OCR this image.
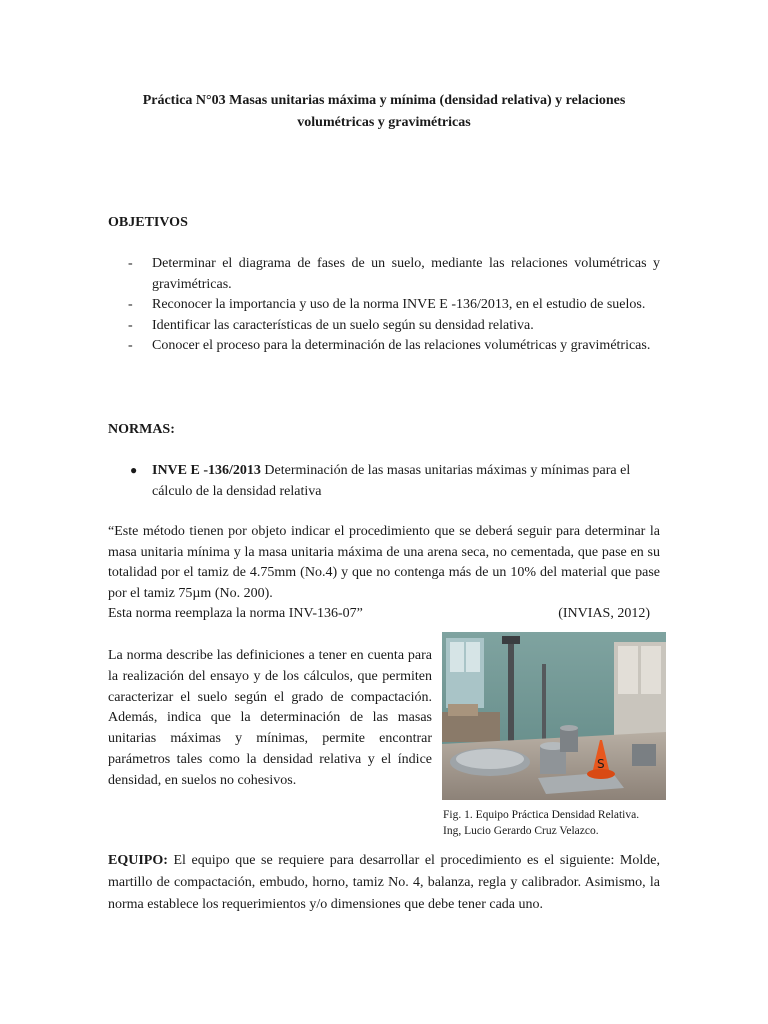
Práctica N°03 Masas unitarias máxima y mínima (densidad relativa) y relaciones volumétricas y gravimétricas
OBJETIVOS
- Determinar el diagrama de fases de un suelo, mediante las relaciones volumétricas y gravimétricas.
- Reconocer la importancia y uso de la norma INVE E -136/2013, en el estudio de suelos.
- Identificar las características de un suelo según su densidad relativa.
- Conocer el proceso para la determinación de las relaciones volumétricas y gravimétricas.
NORMAS:
● INVE E -136/2013 Determinación de las masas unitarias máximas y mínimas para el cálculo de la densidad relativa
“Este método tienen por objeto indicar el procedimiento que se deberá seguir para determinar la masa unitaria mínima y la masa unitaria máxima de una arena seca, no cementada, que pase en su totalidad por el tamiz de 4.75mm (No.4) y que no contenga más de un 10% del material que pase por el tamiz 75µm (No. 200).
Esta norma reemplaza la norma INV-136-07”	(INVIAS, 2012)

La norma describe las definiciones a tener en cuenta para la realización del ensayo y de los cálculos, que permiten caracterizar el suelo según el grado de compactación. Además, indica que la determinación de las masas unitarias máximas y mínimas, permite encontrar parámetros tales como la densidad relativa y el índice densidad, en suelos no cohesivos.

S
Fig. 1. Equipo Práctica Densidad Relativa.
Ing, Lucio Gerardo Cruz Velazco.

EQUIPO: El equipo que se requiere para desarrollar el procedimiento es el siguiente: Molde, martillo de compactación, embudo, horno, tamiz No. 4, balanza, regla y calibrador. Asimismo, la norma establece los requerimientos y/o dimensiones que debe tener cada uno.
